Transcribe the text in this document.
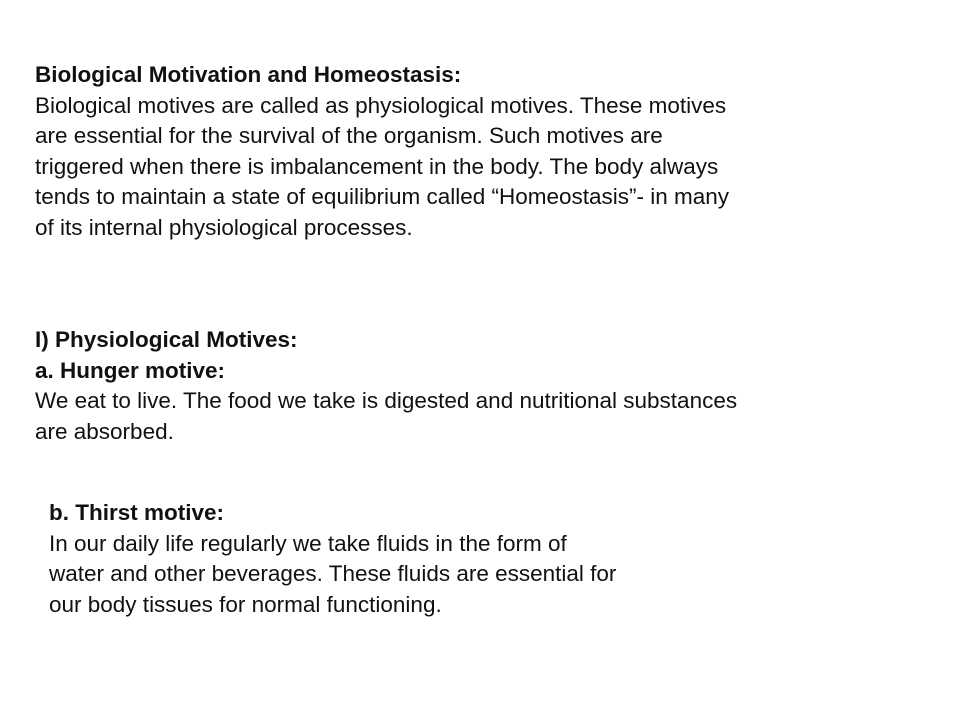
Biological Motivation and Homeostasis:

Biological motives are called as physiological motives. These motives
are essential for the survival of the organism. Such motives are
triggered when there is imbalancement in the body. The body always
tends to maintain a state of equilibrium called “Homeostasis”- in many
of its internal physiological processes.

I) Physiological Motives:

a. Hunger motive:

We eat to live. The food we take is digested and nutritional substances
are absorbed.

b. Thirst motive:

In our daily life regularly we take fluids in the form of
water and other beverages. These fluids are essential for
our body tissues for normal functioning.
